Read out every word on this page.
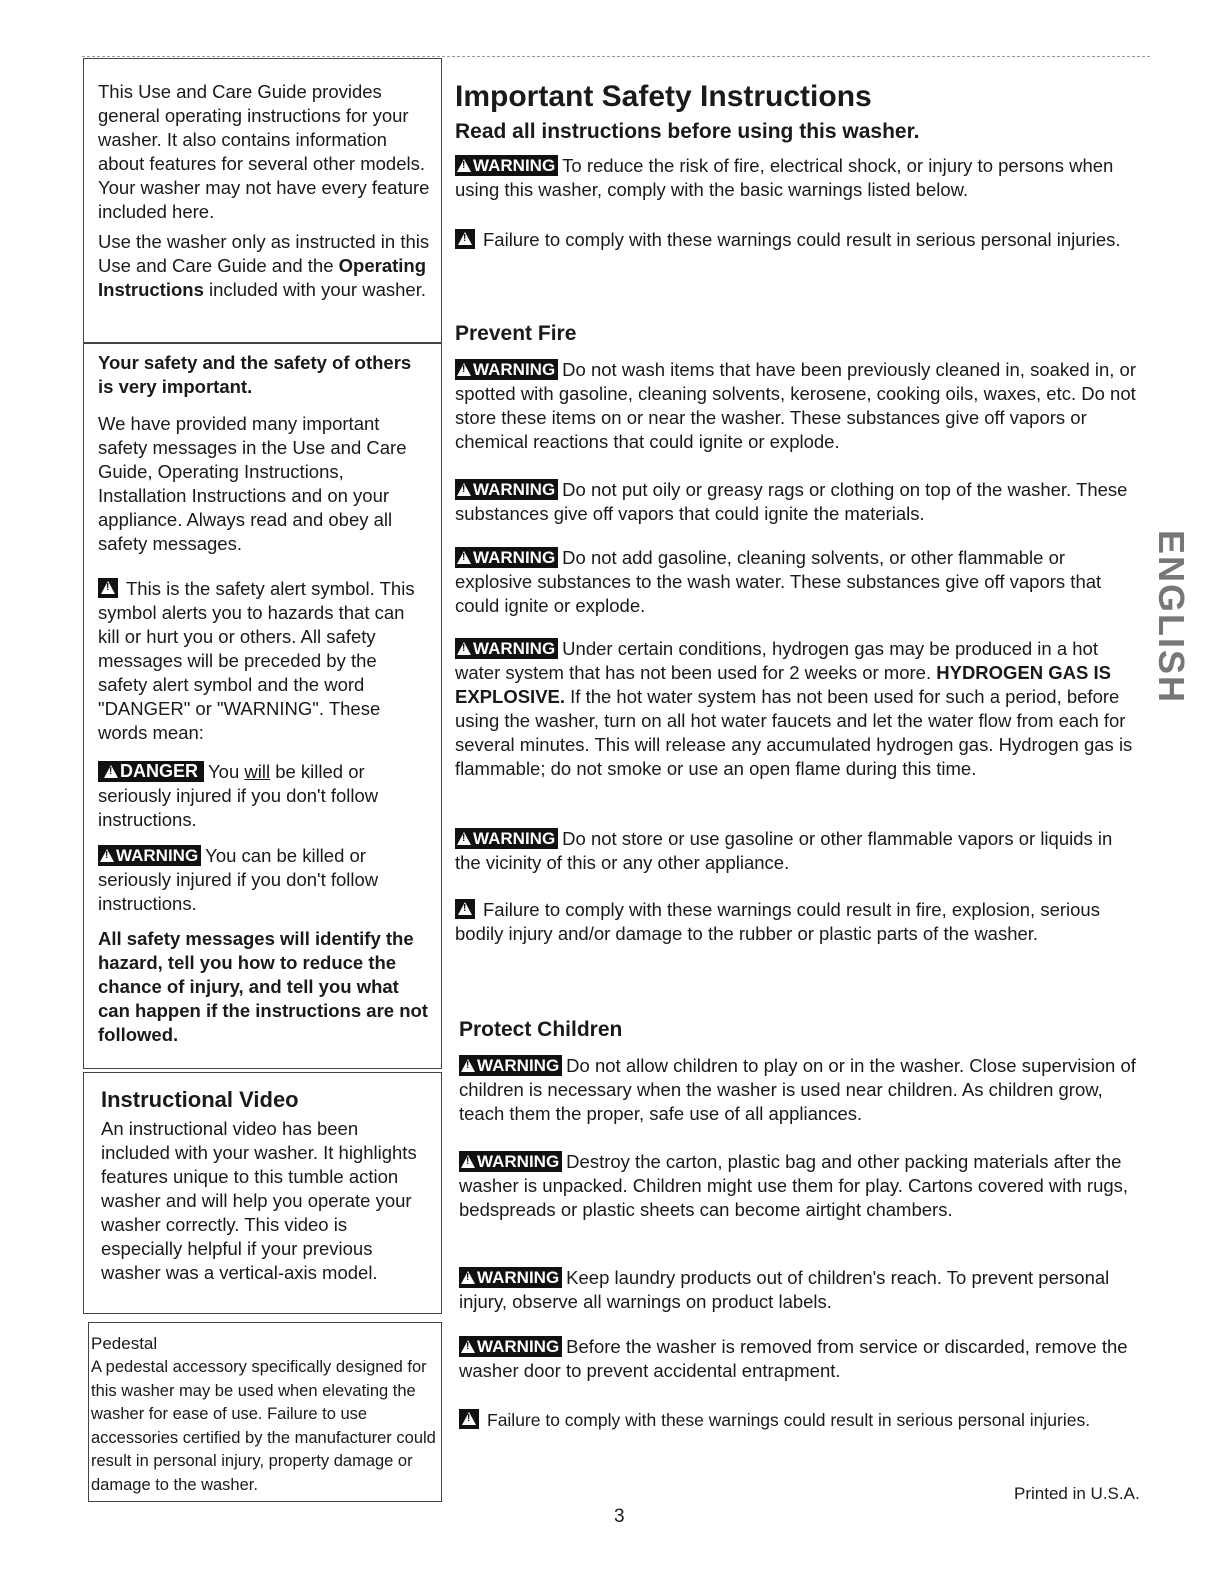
This Use and Care Guide provides general operating instructions for your washer. It also contains information about features for several other models. Your washer may not have every feature included here.
Use the washer only as instructed in this Use and Care Guide and the Operating Instructions included with your washer.
Your safety and the safety of others is very important.
We have provided many important safety messages in the Use and Care Guide, Operating Instructions, Installation Instructions and on your appliance. Always read and obey all safety messages.
!
This is the safety alert symbol. This symbol alerts you to hazards that can kill or hurt you or others. All safety messages will be preceded by the safety alert symbol and the word "DANGER" or "WARNING". These words mean:
!DANGER You will be killed or seriously injured if you don't follow instructions.
!WARNING You can be killed or seriously injured if you don't follow instructions.
All safety messages will identify the hazard, tell you how to reduce the chance of injury, and tell you what can happen if the instructions are not followed.
Instructional Video
An instructional video has been included with your washer. It highlights features unique to this tumble action washer and will help you operate your washer correctly. This video is especially helpful if your previous washer was a vertical-axis model.
Pedestal
A pedestal accessory specifically designed for this washer may be used when elevating the washer for ease of use. Failure to use accessories certified by the manufacturer could result in personal injury, property damage or damage to the washer.
Important Safety Instructions
Read all instructions before using this washer.
!WARNING To reduce the risk of fire, electrical shock, or injury to persons when using this washer, comply with the basic warnings listed below.
!
Failure to comply with these warnings could result in serious personal injuries.
Prevent Fire
!WARNING Do not wash items that have been previously cleaned in, soaked in, or spotted with gasoline, cleaning solvents, kerosene, cooking oils, waxes, etc. Do not store these items on or near the washer. These substances give off vapors or chemical reactions that could ignite or explode.
!WARNING Do not put oily or greasy rags or clothing on top of the washer. These substances give off vapors that could ignite the materials.
!WARNING Do not add gasoline, cleaning solvents, or other flammable or explosive substances to the wash water. These substances give off vapors that could ignite or explode.
!WARNING Under certain conditions, hydrogen gas may be produced in a hot water system that has not been used for 2 weeks or more. HYDROGEN GAS IS EXPLOSIVE. If the hot water system has not been used for such a period, before using the washer, turn on all hot water faucets and let the water flow from each for several minutes. This will release any accumulated hydrogen gas. Hydrogen gas is flammable; do not smoke or use an open flame during this time.
!WARNING Do not store or use gasoline or other flammable vapors or liquids in the vicinity of this or any other appliance.
!
Failure to comply with these warnings could result in fire, explosion, serious bodily injury and/or damage to the rubber or plastic parts of the washer.
Protect Children
!WARNING Do not allow children to play on or in the washer. Close supervision of children is necessary when the washer is used near children. As children grow, teach them the proper, safe use of all appliances.
!WARNING Destroy the carton, plastic bag and other packing materials after the washer is unpacked. Children might use them for play. Cartons covered with rugs, bedspreads or plastic sheets can become airtight chambers.
!WARNING Keep laundry products out of children's reach. To prevent personal injury, observe all warnings on product labels.
!WARNING Before the washer is removed from service or discarded, remove the washer door to prevent accidental entrapment.
!
Failure to comply with these warnings could result in serious personal injuries.
ENGLISH
Printed in U.S.A.
3
